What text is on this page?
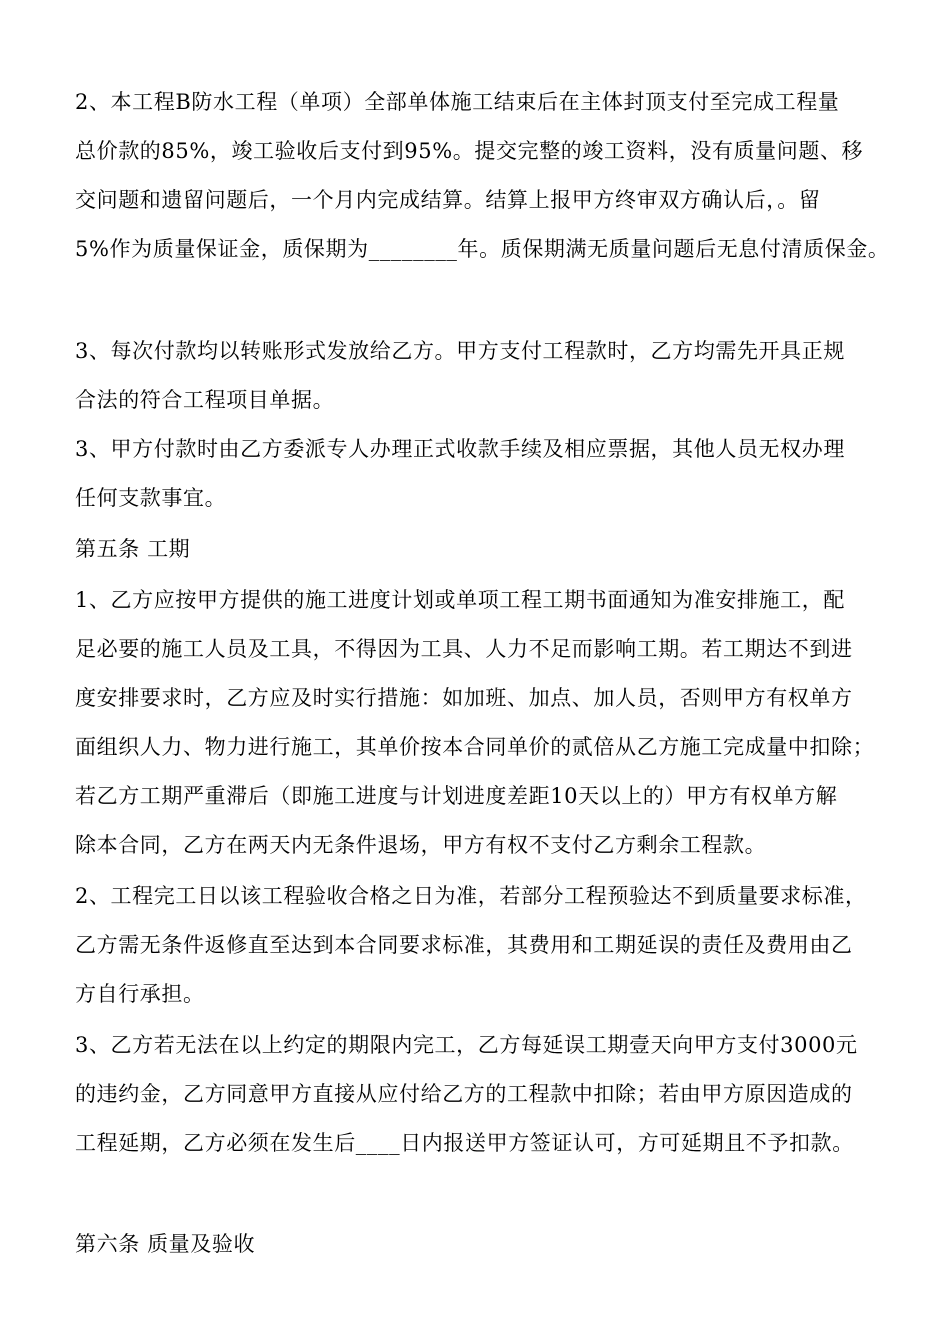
2、本工程B防水工程（单项）全部单体施工结束后在主体封顶支付至完成工程量
总价款的85%，竣工验收后支付到95%。提交完整的竣工资料，没有质量问题、移
交问题和遗留问题后，一个月内完成结算。结算上报甲方终审双方确认后，。留
5%作为质量保证金，质保期为________年。质保期满无质量问题后无息付清质保金。
3、每次付款均以转账形式发放给乙方。甲方支付工程款时，乙方均需先开具正规
合法的符合工程项目单据。
3、甲方付款时由乙方委派专人办理正式收款手续及相应票据，其他人员无权办理
任何支款事宜。
第五条 工期
1、乙方应按甲方提供的施工进度计划或单项工程工期书面通知为准安排施工，配
足必要的施工人员及工具，不得因为工具、人力不足而影响工期。若工期达不到进
度安排要求时，乙方应及时实行措施：如加班、加点、加人员，否则甲方有权单方
面组织人力、物力进行施工，其单价按本合同单价的贰倍从乙方施工完成量中扣除；
若乙方工期严重滞后（即施工进度与计划进度差距10天以上的）甲方有权单方解
除本合同，乙方在两天内无条件退场，甲方有权不支付乙方剩余工程款。
2、工程完工日以该工程验收合格之日为准，若部分工程预验达不到质量要求标准，
乙方需无条件返修直至达到本合同要求标准，其费用和工期延误的责任及费用由乙
方自行承担。
3、乙方若无法在以上约定的期限内完工，乙方每延误工期壹天向甲方支付3000元
的违约金，乙方同意甲方直接从应付给乙方的工程款中扣除；若由甲方原因造成的
工程延期，乙方必须在发生后____日内报送甲方签证认可，方可延期且不予扣款。
第六条 质量及验收
